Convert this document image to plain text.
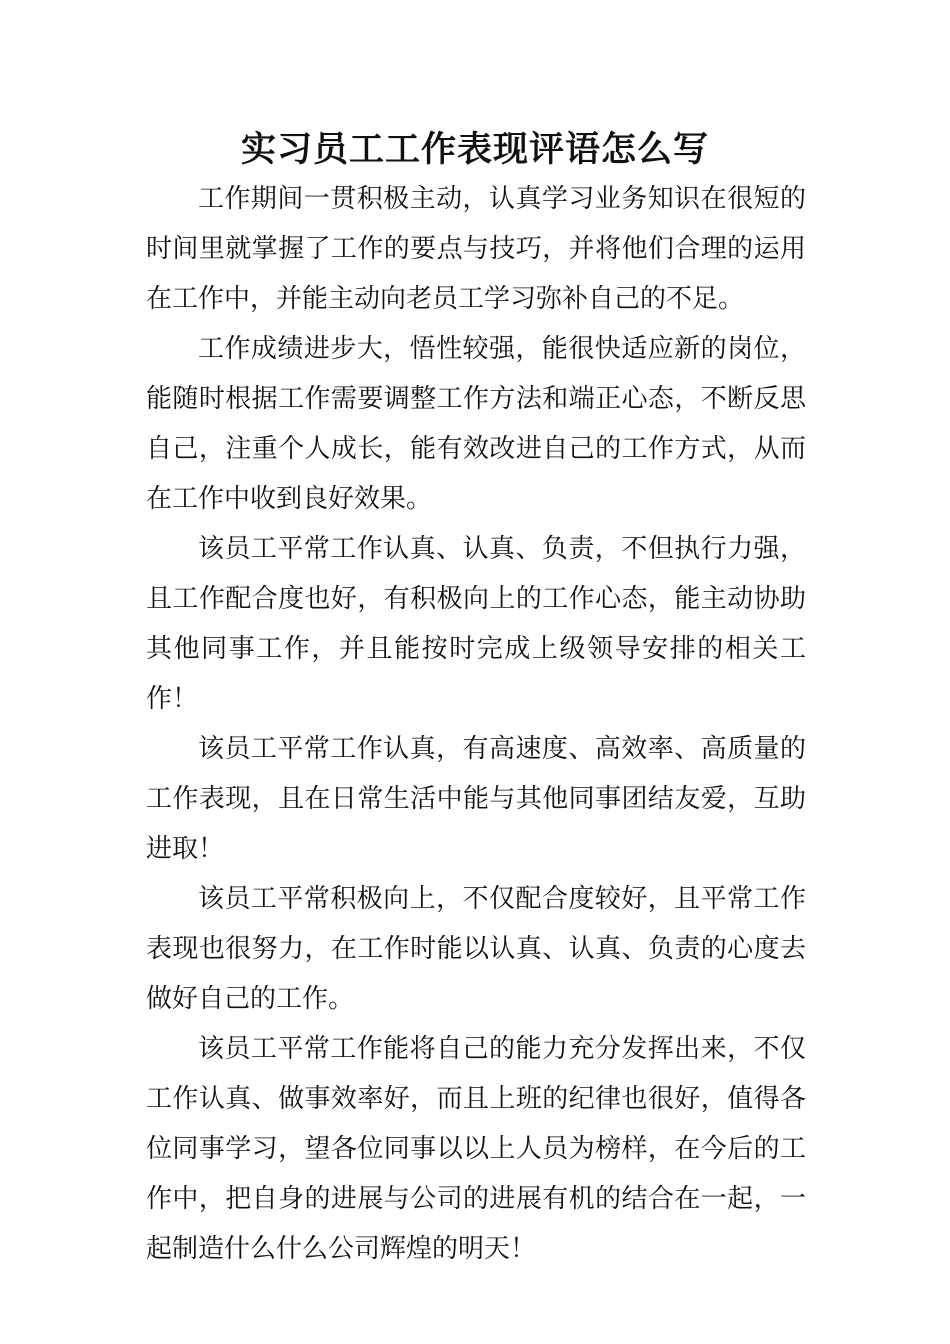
实习员工工作表现评语怎么写

工作期间一贯积极主动，认真学习业务知识在很短的时间里就掌握了工作的要点与技巧，并将他们合理的运用在工作中，并能主动向老员工学习弥补自己的不足。

工作成绩进步大，悟性较强，能很快适应新的岗位，能随时根据工作需要调整工作方法和端正心态，不断反思自己，注重个人成长，能有效改进自己的工作方式，从而在工作中收到良好效果。

该员工平常工作认真、认真、负责，不但执行力强，且工作配合度也好，有积极向上的工作心态，能主动协助其他同事工作，并且能按时完成上级领导安排的相关工作！

该员工平常工作认真，有高速度、高效率、高质量的工作表现，且在日常生活中能与其他同事团结友爱，互助进取！

该员工平常积极向上，不仅配合度较好，且平常工作表现也很努力，在工作时能以认真、认真、负责的心度去做好自己的工作。

该员工平常工作能将自己的能力充分发挥出来，不仅工作认真、做事效率好，而且上班的纪律也很好，值得各位同事学习，望各位同事以以上人员为榜样，在今后的工作中，把自身的进展与公司的进展有机的结合在一起，一起制造什么什么公司辉煌的明天！
